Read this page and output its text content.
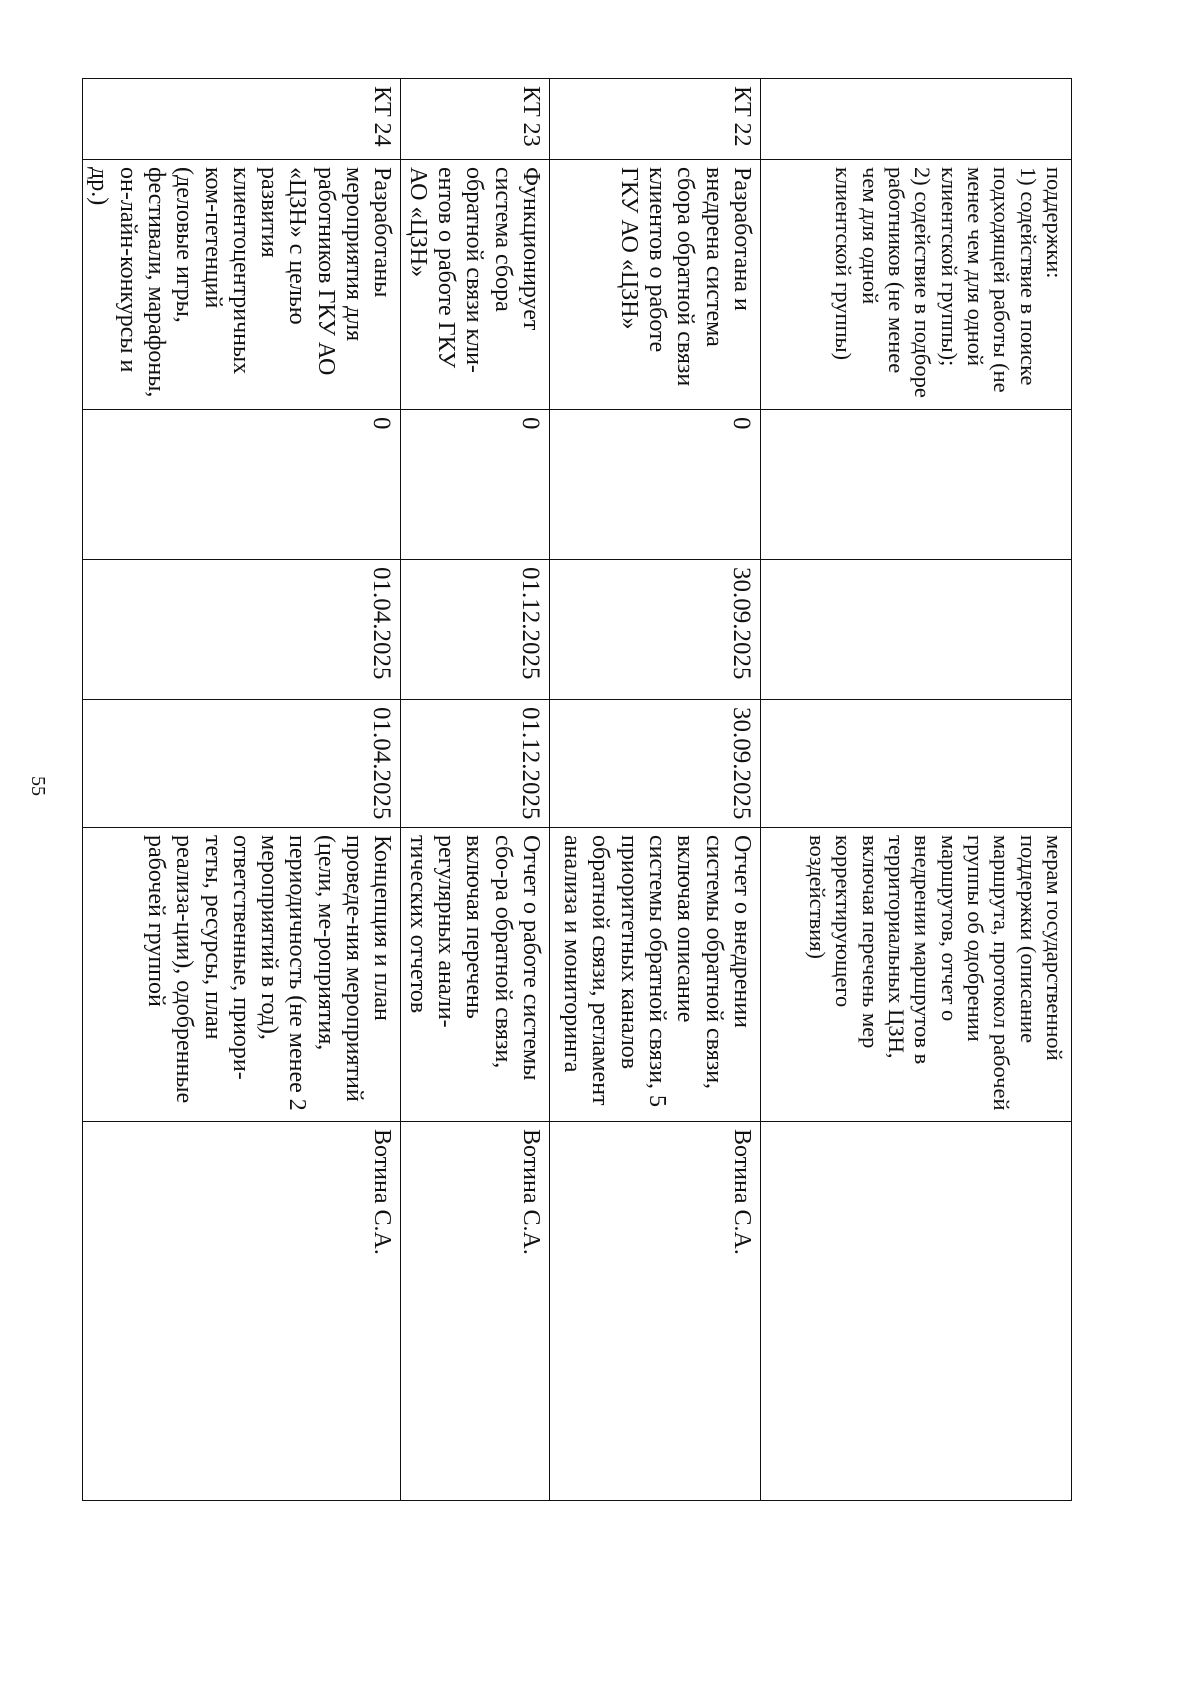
55
	поддержки:
1) содействие в поиске подходящей работы (не менее чем для одной клиентской группы);
2) содействие в подборе работников (не менее чем для одной клиентской группы)				мерам государственной поддержки (описание маршрута, протокол рабочей группы об одобрении маршрутов, отчет о внедрении маршрутов в территориальных ЦЗН, включая перечень мер корректирующего воздействия)	
КТ 22	Разработана и внедрена система сбора обратной связи клиентов о работе ГКУ АО «ЦЗН»	0	30.09.2025	30.09.2025	Отчет о внедрении системы обратной связи, включая описание системы обратной связи, 5 приоритетных каналов обратной связи, регламент анализа и мониторинга	Вотина С.А.
КТ 23	Функционирует система сбора обратной связи кли-ентов о работе ГКУ АО «ЦЗН»	0	01.12.2025	01.12.2025	Отчет о работе системы сбо-ра обратной связи, включая перечень регулярных анали-тических отчетов	Вотина С.А.
КТ 24	Разработаны мероприятия для работников ГКУ АО «ЦЗН» с целью развития клиентоцентричных ком-петенций (деловые игры, фестивали, марафоны, он-лайн-конкурсы и др.)	0	01.04.2025	01.04.2025	Концепция и план проведе-ния мероприятий (цели, ме-роприятия, периодичность (не менее 2 мероприятий в год), ответственные, приори-теты, ресурсы, план реализа-ции), одобренные рабочей группой	Вотина С.А.
